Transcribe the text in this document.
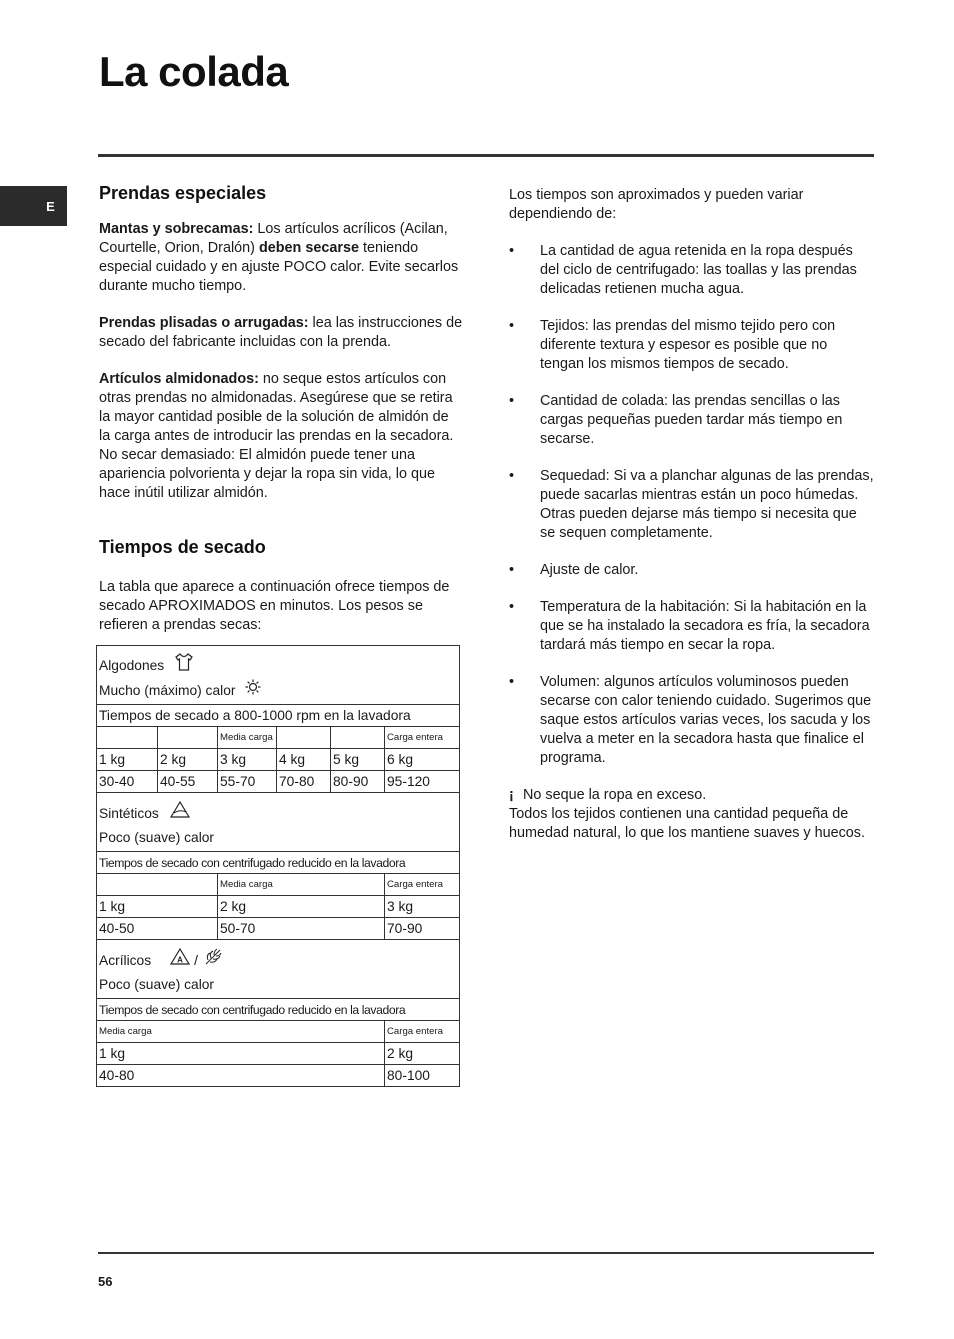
La colada
E
Prendas especiales

Mantas y sobrecamas: Los artículos acrílicos (Acilan, Courtelle, Orion, Dralón) deben secarse teniendo especial cuidado y en ajuste POCO calor. Evite secarlos durante mucho tiempo.

Prendas plisadas o arrugadas: lea las instrucciones de secado del fabricante incluidas con la prenda.

Artículos almidonados: no seque estos artículos con otras prendas no almidonadas. Asegúrese que se retira la mayor cantidad posible de la solución de almidón de la carga antes de introducir las prendas en la secadora. No secar demasiado: El almidón puede tener una apariencia polvorienta y dejar la ropa sin vida, lo que hace inútil utilizar almidón.

Tiempos de secado

La tabla que aparece a continuación ofrece tiempos de secado APROXIMADOS en minutos. Los pesos se refieren a prendas secas:

Algodones
Mucho (máximo) calor					

Tiempos de secado a 800-1000 rpm en la lavadora					
		Media carga			Carga entera
1 kg	2 kg	3 kg	4 kg	5 kg	6 kg
30-40	40-55	55-70	70-80	80-90	95-120

Sintéticos
Poco (suave) calor					

Tiempos de secado con centrifugado reducido en la lavadora					
		Media carga			Carga entera
1 kg		2 kg			3 kg
40-50		50-70			70-90

Acrílicos A /
Poco (suave) calor					

Tiempos de secado con centrifugado reducido en la lavadora					
Media carga					Carga entera
1 kg					2 kg
40-80					80-100

Los tiempos son aproximados y pueden variar dependiendo de:

• La cantidad de agua retenida en la ropa después del ciclo de centrifugado: las toallas y las prendas delicadas retienen mucha agua.
• Tejidos: las prendas del mismo tejido pero con diferente textura y espesor es posible que no tengan los mismos tiempos de secado.
• Cantidad de colada: las prendas sencillas o las cargas pequeñas pueden tardar más tiempo en secarse.
• Sequedad: Si va a planchar algunas de las prendas, puede sacarlas mientras están un poco húmedas. Otras pueden dejarse más tiempo si necesita que se sequen completamente.
• Ajuste de calor.
• Temperatura de la habitación: Si la habitación en la que se ha instalado la secadora es fría, la secadora tardará más tiempo en secar la ropa.
• Volumen: algunos artículos voluminosos pueden secarse con calor teniendo cuidado. Sugerimos que saque estos artículos varias veces, los sacuda y los vuelva a meter en la secadora hasta que finalice el programa.
¡ No seque la ropa en exceso.
Todos los tejidos contienen una cantidad pequeña de humedad natural, lo que los mantiene suaves y huecos.
56
